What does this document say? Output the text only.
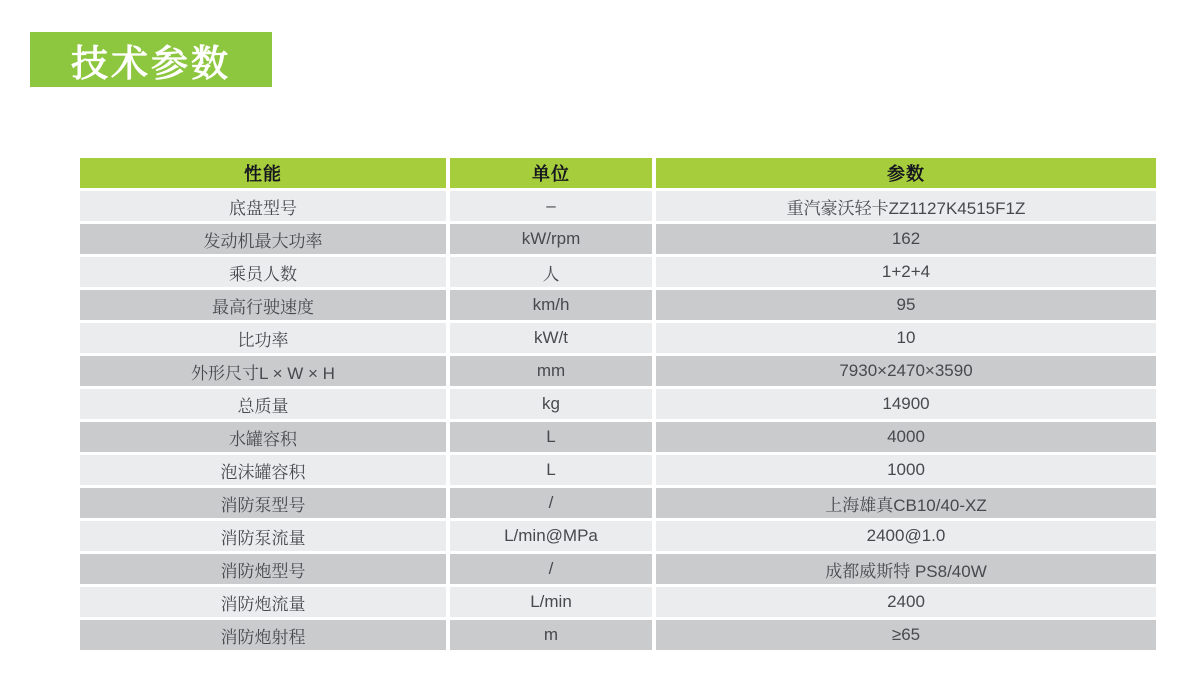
技术参数
性能	单位	参数
底盘型号	–	重汽豪沃轻卡ZZ1127K4515F1Z
发动机最大功率	kW/rpm	162
乘员人数	人	1+2+4
最高行驶速度	km/h	95
比功率	kW/t	10
外形尺寸L × W × H	mm	7930×2470×3590
总质量	kg	14900
水罐容积	L	4000
泡沫罐容积	L	1000
消防泵型号	/	上海雄真CB10/40-XZ
消防泵流量	L/min@MPa	2400@1.0
消防炮型号	/	成都威斯特 PS8/40W
消防炮流量	L/min	2400
消防炮射程	m	≥65
